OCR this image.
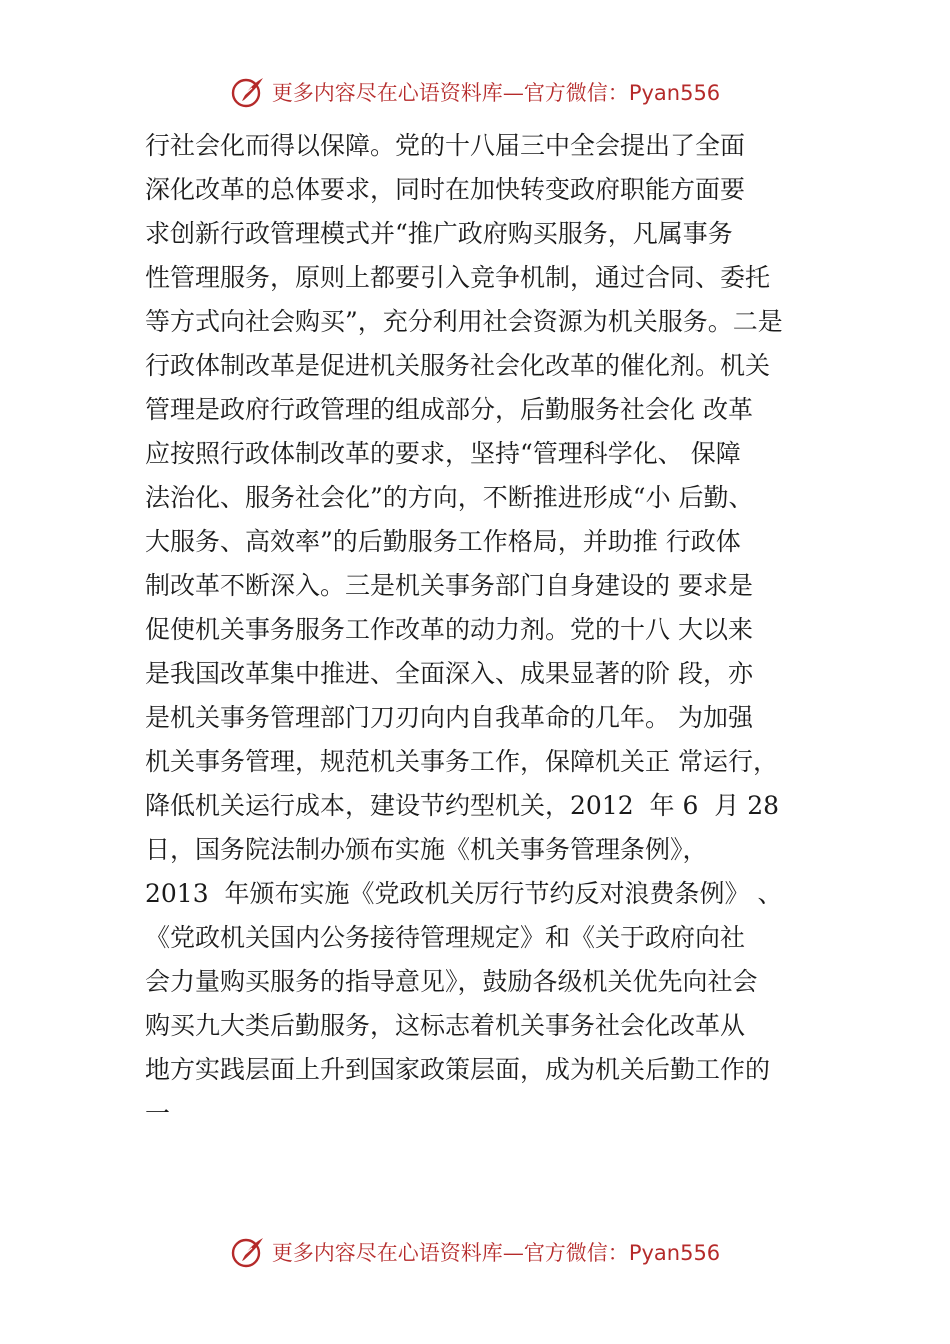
更多内容尽在心语资料库—官方微信：Pyan556
行社会化而得以保障。党的十八届三中全会提出了全面
深化改革的总体要求，同时在加快转变政府职能方面要
求创新行政管理模式并“推广政府购买服务，凡属事务
性管理服务，原则上都要引入竞争机制，通过合同、委托
等方式向社会购买”，充分利用社会资源为机关服务。二是
行政体制改革是促进机关服务社会化改革的催化剂。机关
管理是政府行政管理的组成部分，后勤服务社会化 改革
应按照行政体制改革的要求，坚持“管理科学化、 保障
法治化、服务社会化”的方向，不断推进形成“小 后勤、
大服务、高效率”的后勤服务工作格局，并助推 行政体
制改革不断深入。三是机关事务部门自身建设的 要求是
促使机关事务服务工作改革的动力剂。党的十八 大以来
是我国改革集中推进、全面深入、成果显著的阶 段，亦
是机关事务管理部门刀刃向内自我革命的几年。 为加强
机关事务管理，规范机关事务工作，保障机关正 常运行，
降低机关运行成本，建设节约型机关，2012  年 6  月 28
日，国务院法制办颁布实施《机关事务管理条例》，
2013  年颁布实施《党政机关厉行节约反对浪费条例》 、
《党政机关国内公务接待管理规定》和《关于政府向社
会力量购买服务的指导意见》，鼓励各级机关优先向社会
购买九大类后勤服务，这标志着机关事务社会化改革从
地方实践层面上升到国家政策层面，成为机关后勤工作的
一
更多内容尽在心语资料库—官方微信：Pyan556
